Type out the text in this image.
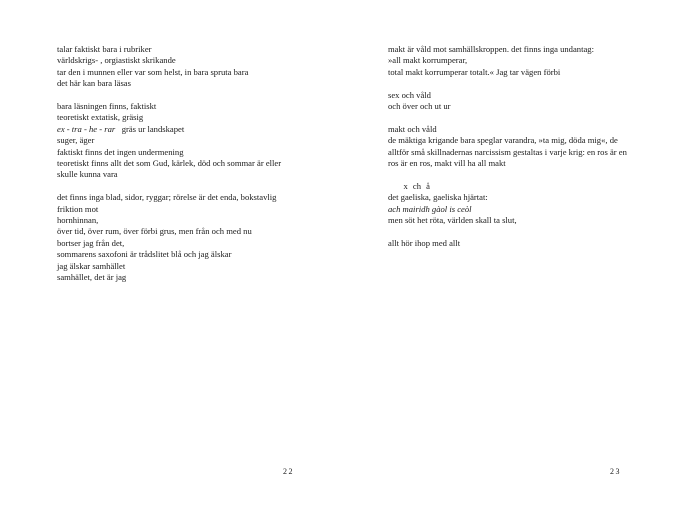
talar faktiskt bara i rubriker
världskrigs- , orgiastiskt skrikande
tar den i munnen eller var som helst, in bara spruta bara
det här kan bara läsas
bara läsningen finns, faktiskt
teoretiskt extatisk, gräsig
ex - tra - he - rar gräs ur landskapet
suger, äger
faktiskt finns det ingen undermening
teoretiskt finns allt det som Gud, kärlek, död och sommar är eller
skulle kunna vara
det finns inga blad, sidor, ryggar; rörelse är det enda, bokstavlig
friktion mot
hornhinnan,
över tid, över rum, över förbi grus, men från och med nu
bortser jag från det,
sommarens saxofoni är trådslitet blå och jag älskar
jag älskar samhället
samhället, det är jag
22
makt är våld mot samhällskroppen. det finns inga undantag:
»all makt korrumperar,
total makt korrumperar totalt.« Jag tar vägen förbi
sex och våld
och över och ut ur
makt och våld
de mäktiga krigande bara speglar varandra, »ta mig, döda mig«, de
alltför små skillnadernas narcissism gestaltas i varje krig: en ros är en
ros är en ros, makt vill ha all makt
x ch å
det gaeliska, gaeliska hjärtat:
ach mairidh gàol is ceòl
men söt het röta, världen skall ta slut,
allt hör ihop med allt
23
